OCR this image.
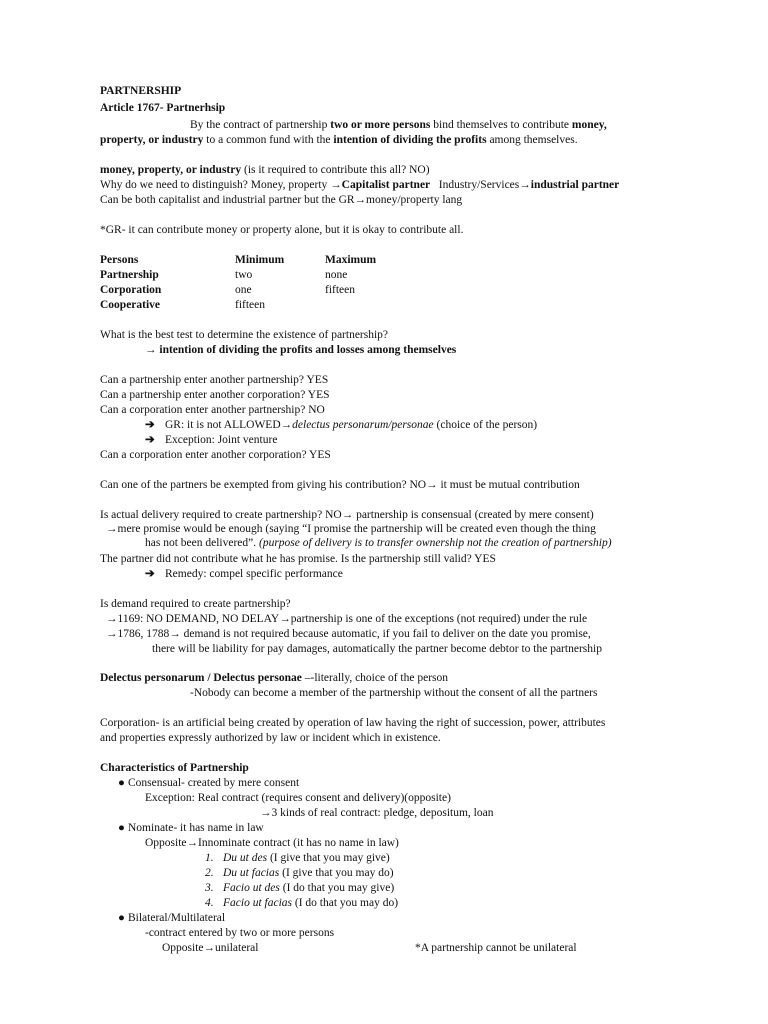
PARTNERSHIP
Article 1767- Partnerhsip
By the contract of partnership two or more persons bind themselves to contribute money,
property, or industry to a common fund with the intention of dividing the profits among themselves.
money, property, or industry (is it required to contribute this all? NO)
Why do we need to distinguish? Money, property →Capitalist partner   Industry/Services→industrial partner
Can be both capitalist and industrial partner but the GR→money/property lang
*GR- it can contribute money or property alone, but it is okay to contribute all.
Persons	Minimum	Maximum
Partnership	two	none
Corporation	one	fifteen
Cooperative	fifteen
What is the best test to determine the existence of partnership?
→ intention of dividing the profits and losses among themselves
Can a partnership enter another partnership? YES
Can a partnership enter another corporation? YES
Can a corporation enter another partnership? NO
➔ GR: it is not ALLOWED→delectus personarum/personae (choice of the person)
➔ Exception: Joint venture
Can a corporation enter another corporation? YES
Can one of the partners be exempted from giving his contribution? NO→ it must be mutual contribution
Is actual delivery required to create partnership? NO→ partnership is consensual (created by mere consent)
→mere promise would be enough (saying “I promise the partnership will be created even though the thing
has not been delivered”. (purpose of delivery is to transfer ownership not the creation of partnership)
The partner did not contribute what he has promise. Is the partnership still valid? YES
➔ Remedy: compel specific performance
Is demand required to create partnership?
→1169: NO DEMAND, NO DELAY→partnership is one of the exceptions (not required) under the rule
→1786, 1788→ demand is not required because automatic, if you fail to deliver on the date you promise,
there will be liability for pay damages, automatically the partner become debtor to the partnership
Delectus personarum / Delectus personae –-literally, choice of the person
-Nobody can become a member of the partnership without the consent of all the partners
Corporation- is an artificial being created by operation of law having the right of succession, power, attributes
and properties expressly authorized by law or incident which in existence.
Characteristics of Partnership
● Consensual- created by mere consent
Exception: Real contract (requires consent and delivery)(opposite)
→3 kinds of real contract: pledge, depositum, loan
● Nominate- it has name in law
Opposite→Innominate contract (it has no name in law)
1. Du ut des (I give that you may give)
2. Du ut facias (I give that you may do)
3. Facio ut des (I do that you may give)
4. Facio ut facias (I do that you may do)
● Bilateral/Multilateral
-contract entered by two or more persons
Opposite→unilateral	*A partnership cannot be unilateral
